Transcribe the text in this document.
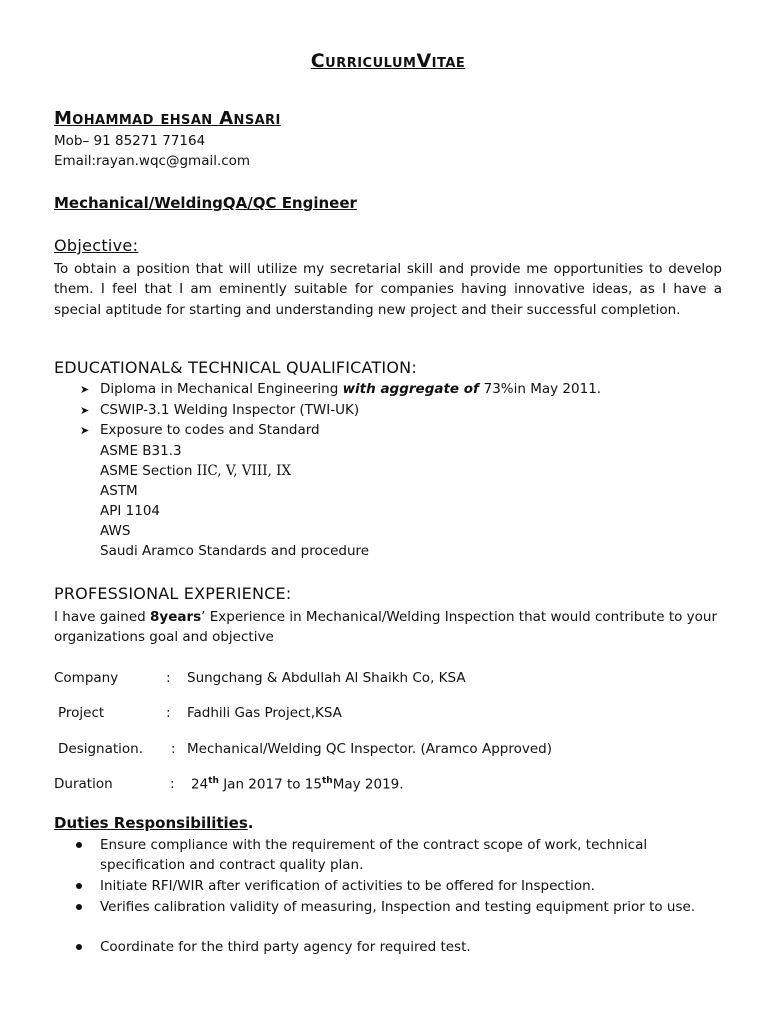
CurriculumVitae
Mohammad ehsan Ansari
Mob– 91 85271 77164
Email:rayan.wqc@gmail.com
Mechanical/WeldingQA/QC Engineer
Objective:
To obtain a position that will utilize my secretarial skill and provide me opportunities to develop them. I feel that I am eminently suitable for companies having innovative ideas, as I have a special aptitude for starting and understanding new project and their successful completion.
EDUCATIONAL& TECHNICAL QUALIFICATION:
➤ Diploma in Mechanical Engineering with aggregate of 73%in May 2011.
➤ CSWIP-3.1 Welding Inspector (TWI-UK)
➤ Exposure to codes and Standard
ASME B31.3
ASME Section IIC, V, VIII, IX
ASTM
API 1104
AWS
Saudi Aramco Standards and procedure
PROFESSIONAL EXPERIENCE:
I have gained 8years’ Experience in Mechanical/Welding Inspection that would contribute to your organizations goal and objective
Company	: Sungchang & Abdullah Al Shaikh Co, KSA
Project	: Fadhili Gas Project,KSA
Designation. : Mechanical/Welding QC Inspector. (Aramco Approved)
Duration	: 24th Jan 2017 to 15thMay 2019.
Duties Responsibilities.
Ensure compliance with the requirement of the contract scope of work, technical specification and contract quality plan.
Initiate RFI/WIR after verification of activities to be offered for Inspection.
Verifies calibration validity of measuring, Inspection and testing equipment prior to use.
Coordinate for the third party agency for required test.
